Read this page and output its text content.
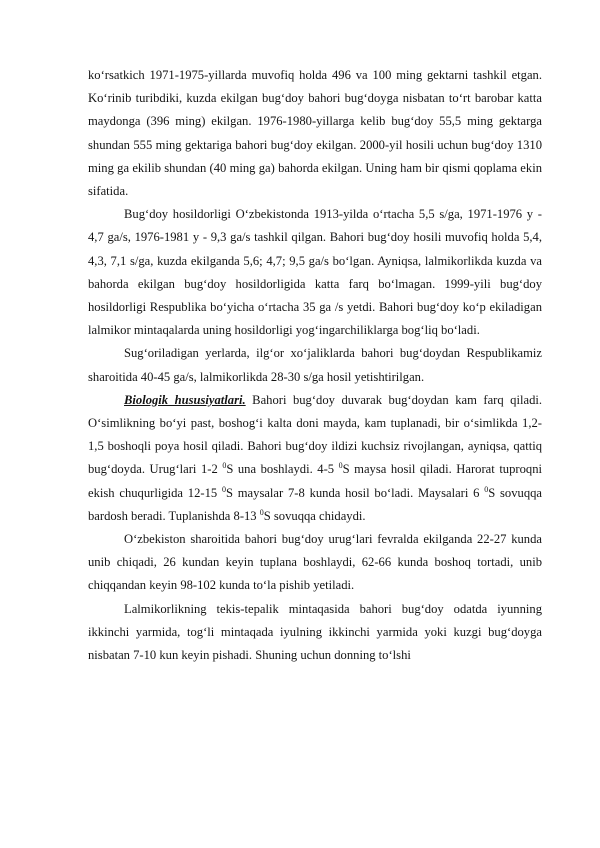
ko‘rsatkich 1971-1975-yillarda muvofiq holda 496 va 100 ming gektarni tashkil etgan. Ko‘rinib turibdiki, kuzda ekilgan bug‘doy bahori bug‘doyga nisbatan to‘rt barobar katta maydonga (396 ming) ekilgan. 1976-1980-yillarga kelib bug‘doy 55,5 ming gektarga shundan 555 ming gektariga bahori bug‘doy ekilgan. 2000-yil hosili uchun bug‘doy 1310 ming ga ekilib shundan (40 ming ga) bahorda ekilgan. Uning ham bir qismi qoplama ekin sifatida.

Bug‘doy hosildorligi O‘zbekistonda 1913-yilda o‘rtacha 5,5 s/ga, 1971-1976 y - 4,7 ga/s, 1976-1981 y - 9,3 ga/s tashkil qilgan. Bahori bug‘doy hosili muvofiq holda 5,4, 4,3, 7,1 s/ga, kuzda ekilganda 5,6; 4,7; 9,5 ga/s bo‘lgan. Ayniqsa, lalmikorlikda kuzda va bahorda ekilgan bug‘doy hosildorligida katta farq bo‘lmagan. 1999-yili bug‘doy hosildorligi Respublika bo‘yicha o‘rtacha 35 ga /s yetdi. Bahori bug‘doy ko‘p ekiladigan lalmikor mintaqalarda uning hosildorligi yog‘ingarchiliklarga bog‘liq bo‘ladi.

Sug‘oriladigan yerlarda, ilg‘or xo‘jaliklarda bahori bug‘doydan Respublikamiz sharoitida 40-45 ga/s, lalmikorlikda 28-30 s/ga hosil yetishtirilgan.

Biologik hususiyatlari. Bahori bug‘doy duvarak bug‘doydan kam farq qiladi. O‘simlikning bo‘yi past, boshog‘i kalta doni mayda, kam tuplanadi, bir o‘simlikda 1,2-1,5 boshoqli poya hosil qiladi. Bahori bug‘doy ildizi kuchsiz rivojlangan, ayniqsa, qattiq bug‘doyda. Urug‘lari 1-2 $^0$S una boshlaydi. 4-5 $^0$S maysa hosil qiladi. Harorat tuproqni ekish chuqurligida 12-15 $^0$S maysalar 7-8 kunda hosil bo‘ladi. Maysalari 6 $^0$S sovuqqa bardosh beradi. Tuplanishda 8-13 $^0$S sovuqqa chidaydi.

O‘zbekiston sharoitida bahori bug‘doy urug‘lari fevralda ekilganda 22-27 kunda unib chiqadi, 26 kundan keyin tuplana boshlaydi, 62-66 kunda boshoq tortadi, unib chiqqandan keyin 98-102 kunda to‘la pishib yetiladi.

Lalmikorlikning tekis-tepalik mintaqasida bahori bug‘doy odatda iyunning ikkinchi yarmida, tog‘li mintaqada iyulning ikkinchi yarmida yoki kuzgi bug‘doyga nisbatan 7-10 kun keyin pishadi. Shuning uchun donning to‘lshi
